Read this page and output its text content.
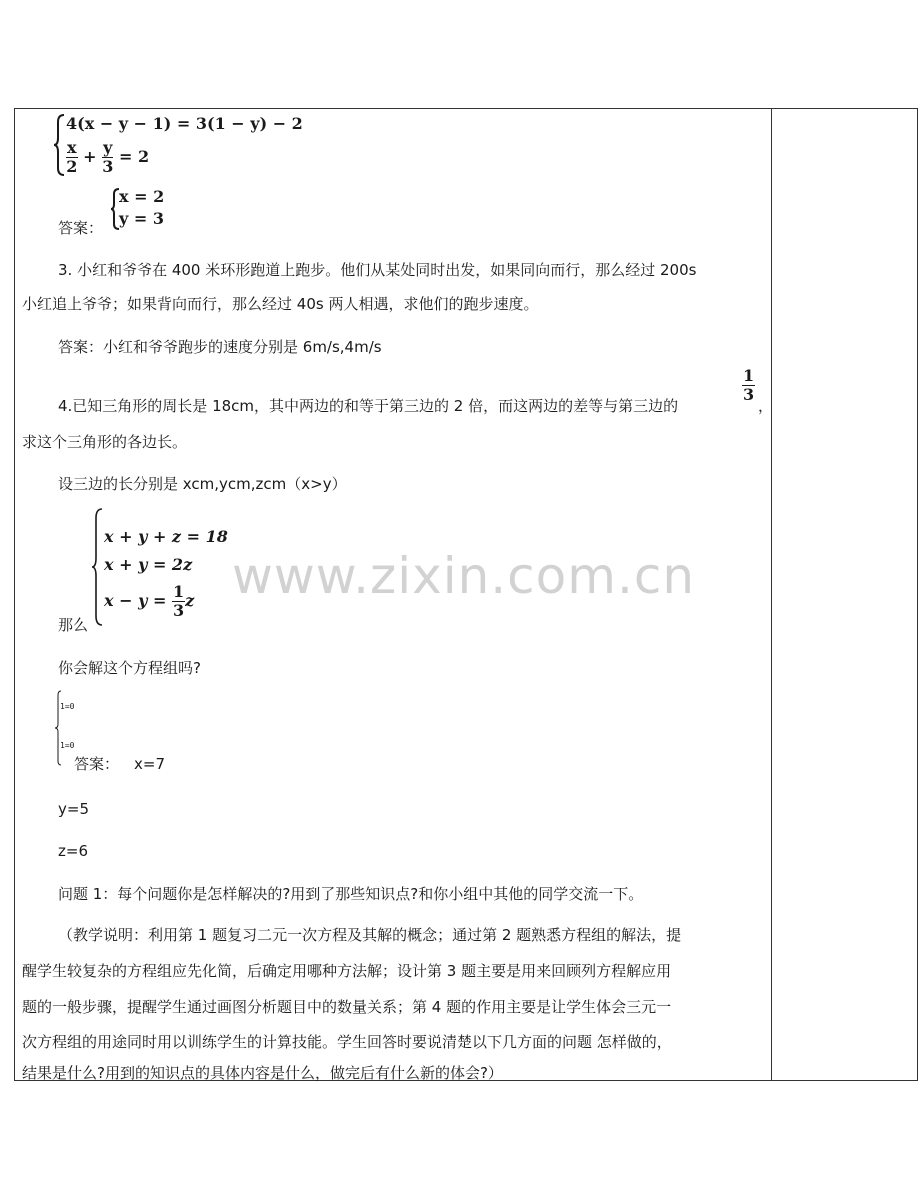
4(x − y − 1) = 3(1 − y) − 2
$\frac{x}{2} + \frac{y}{3} = 2$
答案：
x = 2
y = 3
3. 小红和爷爷在 400 米环形跑道上跑步。他们从某处同时出发，如果同向而行，那么经过 200s
小红追上爷爷；如果背向而行，那么经过 40s 两人相遇，求他们的跑步速度。
答案：小红和爷爷跑步的速度分别是 6m/s,4m/s
4.已知三角形的周长是 18cm，其中两边的和等于第三边的 2 倍，而这两边的差等与第三边的
$\frac{1}{3}$
，
求这个三角形的各边长。
设三边的长分别是 xcm,ycm,zcm（x>y）
x + y + z = 18
x + y = 2z
$x - y = \frac{1}{3}$ z
那么
你会解这个方程组吗?
1=0
1=0
答案： x=7
y=5
z=6
问题 1：每个问题你是怎样解决的?用到了那些知识点?和你小组中其他的同学交流一下。
（教学说明：利用第 1 题复习二元一次方程及其解的概念；通过第 2 题熟悉方程组的解法，提
醒学生较复杂的方程组应先化简，后确定用哪种方法解；设计第 3 题主要是用来回顾列方程解应用
题的一般步骤，提醒学生通过画图分析题目中的数量关系；第 4 题的作用主要是让学生体会三元一
次方程组的用途同时用以训练学生的计算技能。学生回答时要说清楚以下几方面的问题 怎样做的，
结果是什么?用到的知识点的具体内容是什么，做完后有什么新的体会?）
www.zixin.com.cn
